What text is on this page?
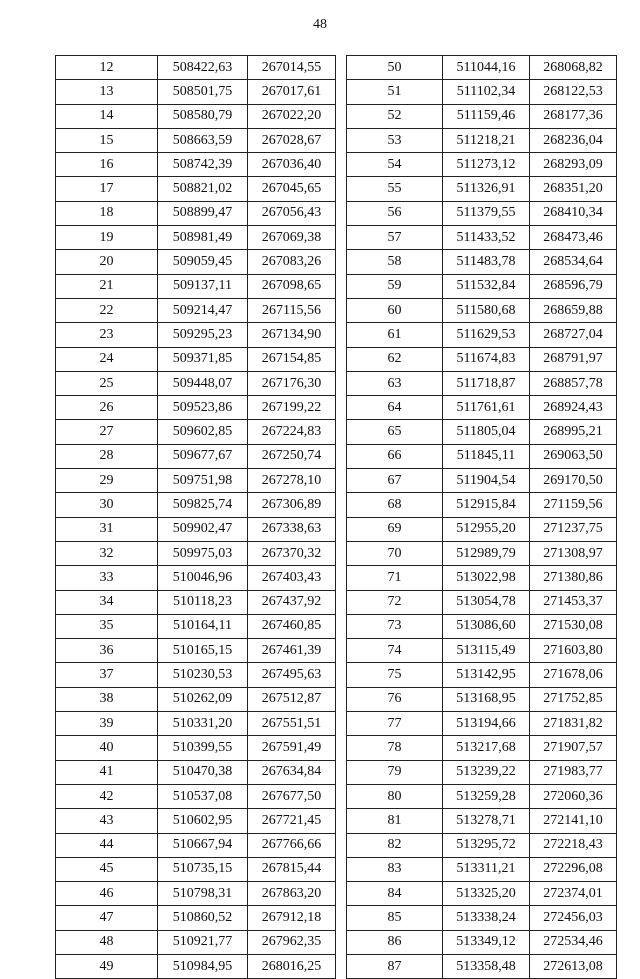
48
12	508422,63	267014,55
13	508501,75	267017,61
14	508580,79	267022,20
15	508663,59	267028,67
16	508742,39	267036,40
17	508821,02	267045,65
18	508899,47	267056,43
19	508981,49	267069,38
20	509059,45	267083,26
21	509137,11	267098,65
22	509214,47	267115,56
23	509295,23	267134,90
24	509371,85	267154,85
25	509448,07	267176,30
26	509523,86	267199,22
27	509602,85	267224,83
28	509677,67	267250,74
29	509751,98	267278,10
30	509825,74	267306,89
31	509902,47	267338,63
32	509975,03	267370,32
33	510046,96	267403,43
34	510118,23	267437,92
35	510164,11	267460,85
36	510165,15	267461,39
37	510230,53	267495,63
38	510262,09	267512,87
39	510331,20	267551,51
40	510399,55	267591,49
41	510470,38	267634,84
42	510537,08	267677,50
43	510602,95	267721,45
44	510667,94	267766,66
45	510735,15	267815,44
46	510798,31	267863,20
47	510860,52	267912,18
48	510921,77	267962,35
49	510984,95	268016,25
50	511044,16	268068,82
51	511102,34	268122,53
52	511159,46	268177,36
53	511218,21	268236,04
54	511273,12	268293,09
55	511326,91	268351,20
56	511379,55	268410,34
57	511433,52	268473,46
58	511483,78	268534,64
59	511532,84	268596,79
60	511580,68	268659,88
61	511629,53	268727,04
62	511674,83	268791,97
63	511718,87	268857,78
64	511761,61	268924,43
65	511805,04	268995,21
66	511845,11	269063,50
67	511904,54	269170,50
68	512915,84	271159,56
69	512955,20	271237,75
70	512989,79	271308,97
71	513022,98	271380,86
72	513054,78	271453,37
73	513086,60	271530,08
74	513115,49	271603,80
75	513142,95	271678,06
76	513168,95	271752,85
77	513194,66	271831,82
78	513217,68	271907,57
79	513239,22	271983,77
80	513259,28	272060,36
81	513278,71	272141,10
82	513295,72	272218,43
83	513311,21	272296,08
84	513325,20	272374,01
85	513338,24	272456,03
86	513349,12	272534,46
87	513358,48	272613,08
